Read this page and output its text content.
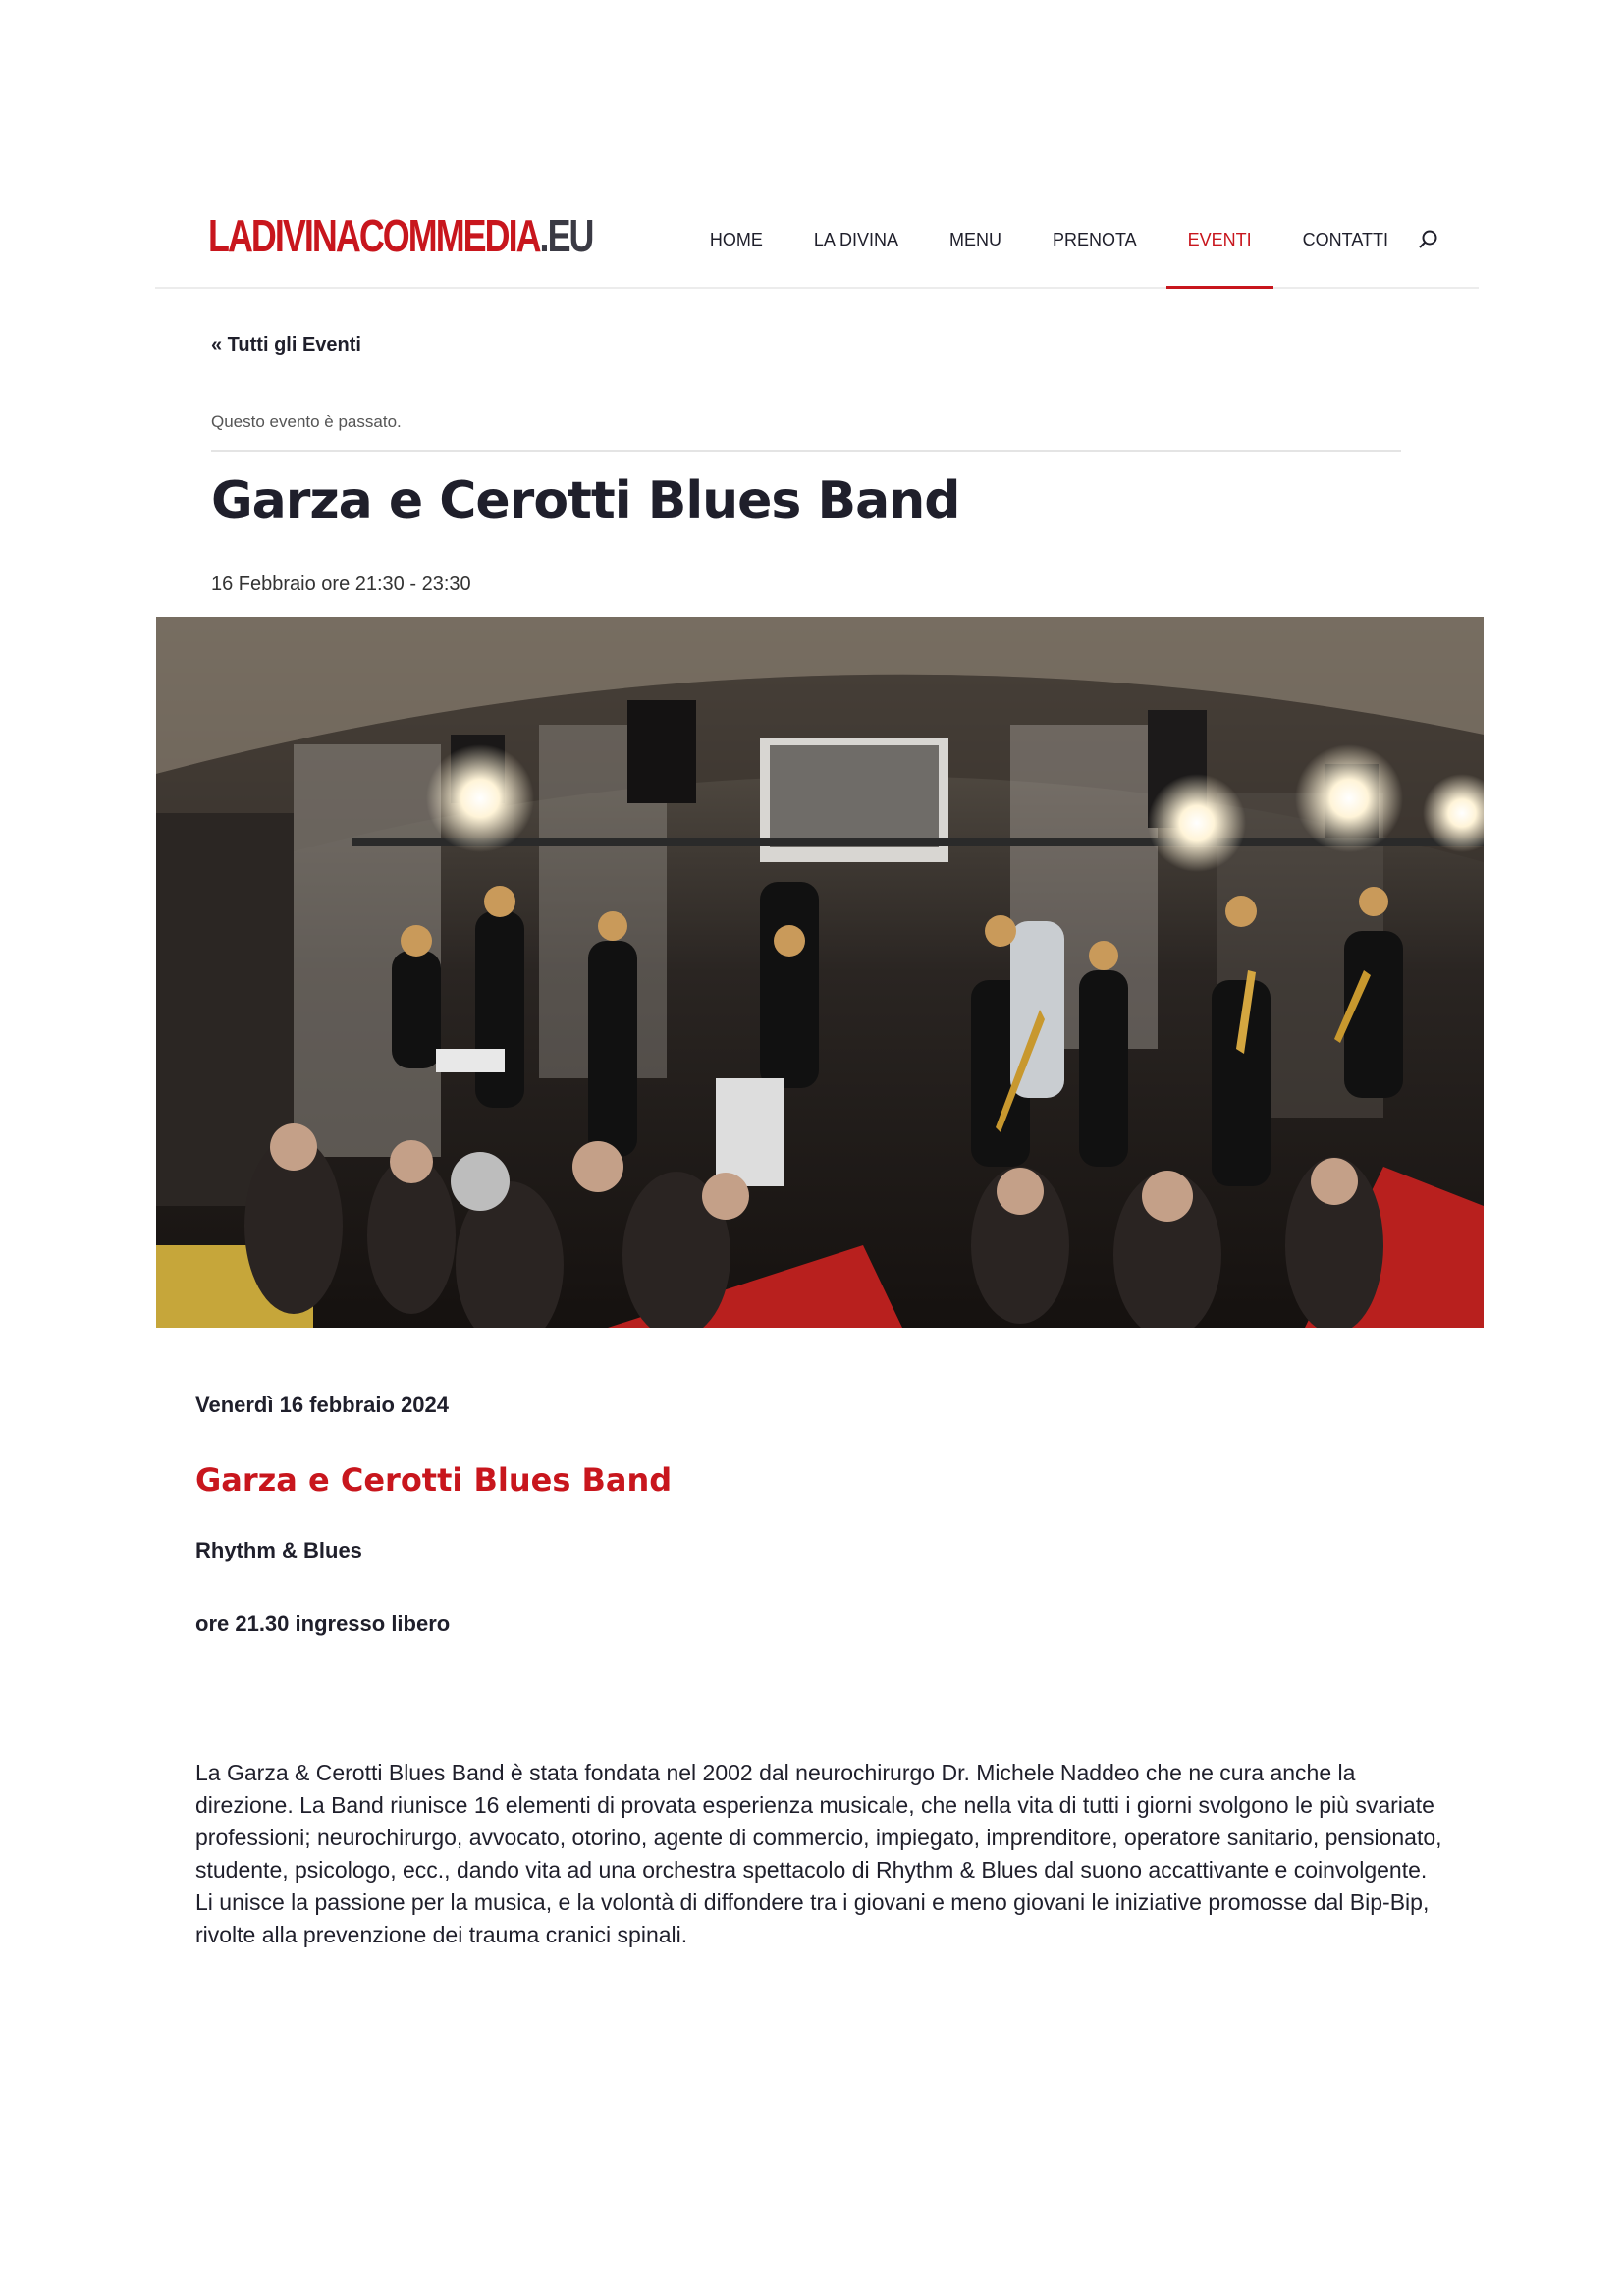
LADIVINACOMMEDIA.EU	HOME	LA DIVINA	MENU	PRENOTA	EVENTI	CONTATTI
« Tutti gli Eventi
Questo evento è passato.
Garza e Cerotti Blues Band
16 Febbraio ore 21:30 - 23:30
Venerdì 16 febbraio 2024
Garza e Cerotti Blues Band
Rhythm & Blues
ore 21.30 ingresso libero
La Garza & Cerotti Blues Band è stata fondata nel 2002 dal neurochirurgo Dr. Michele Naddeo che ne cura anche la direzione. La Band riunisce 16 elementi di provata esperienza musicale, che nella vita di tutti i giorni svolgono le più svariate professioni; neurochirurgo, avvocato, otorino, agente di commercio, impiegato, imprenditore, operatore sanitario, pensionato, studente, psicologo, ecc., dando vita ad una orchestra spettacolo di Rhythm & Blues dal suono accattivante e coinvolgente. Li unisce la passione per la musica, e la volontà di diffondere tra i giovani e meno giovani le iniziative promosse dal Bip-Bip, rivolte alla prevenzione dei trauma cranici spinali.
